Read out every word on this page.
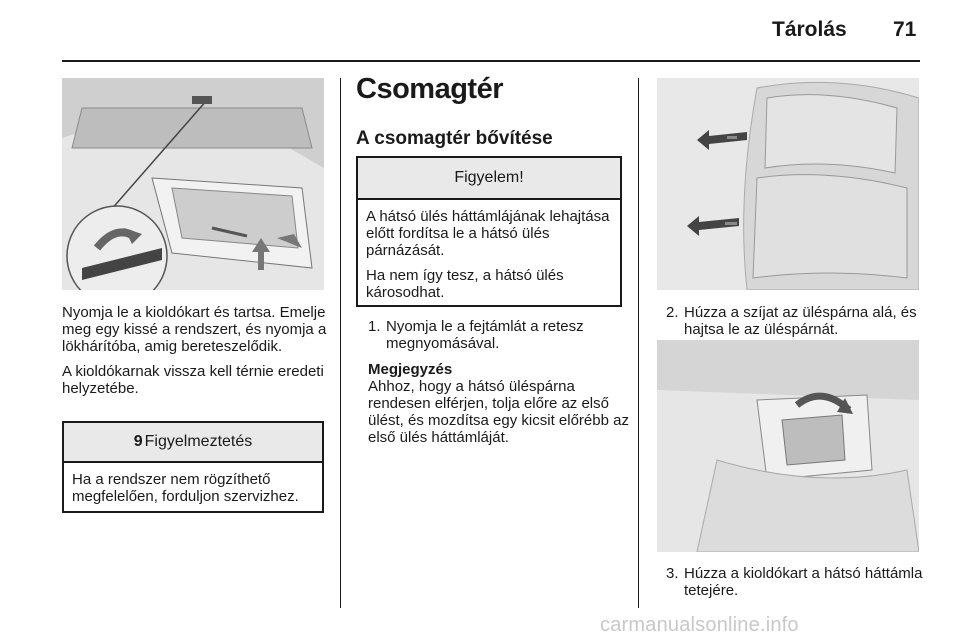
Tárolás 71

Nyomja le a kioldókart és tartsa. Emelje meg egy kissé a rendszert, és nyomja a lökhárítóba, amig bereteszelődik.

A kioldókarnak vissza kell térnie eredeti helyzetébe.

9 Figyelmeztetés
Ha a rendszer nem rögzíthető megfelelően, forduljon szervizhez.
Csomagtér
A csomagtér bővítése
Figyelem!

A hátsó ülés háttámlájának lehajtása előtt fordítsa le a hátsó ülés párnázását.

Ha nem így tesz, a hátsó ülés károsodhat.

1. Nyomja le a fejtámlát a retesz megnyomásával.
Megjegyzés
Ahhoz, hogy a hátsó üléspárna rendesen elférjen, tolja előre az első ülést, és mozdítsa egy kicsit előrébb az első ülés háttámláját.
2. Húzza a szíjat az üléspárna alá, és hajtsa le az üléspárnát.
3. Húzza a kioldókart a hátsó háttámla tetejére.
carmanualsonline.info
